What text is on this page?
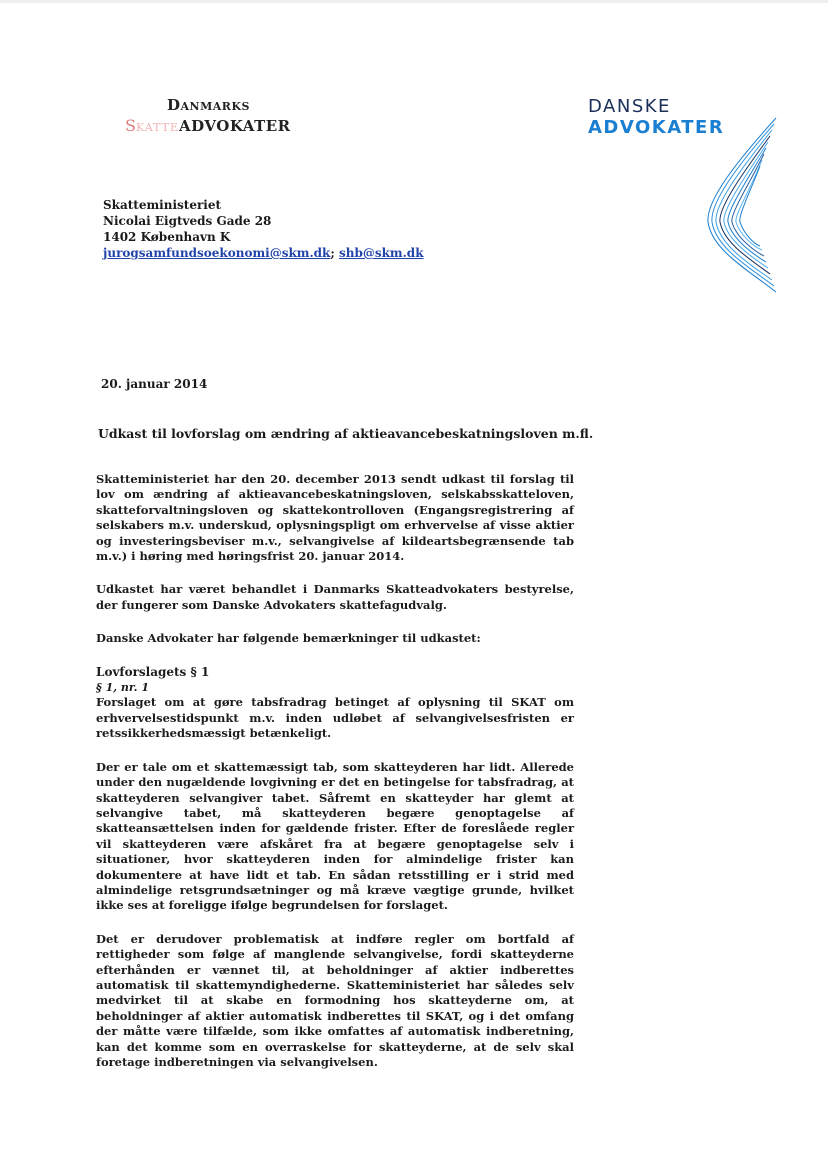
Danmarks
SKATTEADVOKATER
DANSKE
ADVOKATER
Skatteministeriet
Nicolai Eigtveds Gade 28
1402 København K
jurogsamfundsoekonomi@skm.dk; shb@skm.dk
20. januar 2014
Udkast til lovforslag om ændring af aktieavancebeskatningsloven m.fl.

Skatteministeriet har den 20. december 2013 sendt udkast til forslag til lov om ændring af aktieavancebeskatningsloven, selskabsskatteloven, skatteforvaltningsloven og skattekontrolloven (Engangsregistrering af selskabers m.v. underskud, oplysningspligt om erhvervelse af visse aktier og investeringsbeviser m.v., selvangivelse af kildeartsbegrænsende tab m.v.) i høring med høringsfrist 20. januar 2014.

Udkastet har været behandlet i Danmarks Skatteadvokaters bestyrelse, der fungerer som Danske Advokaters skattefagudvalg.

Danske Advokater har følgende bemærkninger til udkastet:

Lovforslagets § 1
§ 1, nr. 1

Forslaget om at gøre tabsfradrag betinget af oplysning til SKAT om erhvervelsestidspunkt m.v. inden udløbet af selvangivelsesfristen er retssikkerhedsmæssigt betænkeligt.

Der er tale om et skattemæssigt tab, som skatteyderen har lidt. Allerede under den nugældende lovgivning er det en betingelse for tabsfradrag, at skatteyderen selvangiver tabet. Såfremt en skatteyder har glemt at selvangive tabet, må skatteyderen begære genoptagelse af skatteansættelsen inden for gældende frister. Efter de foreslåede regler vil skatteyderen være afskåret fra at begære genoptagelse selv i situationer, hvor skatteyderen inden for almindelige frister kan dokumentere at have lidt et tab. En sådan retsstilling er i strid med almindelige retsgrundsætninger og må kræve vægtige grunde, hvilket ikke ses at foreligge ifølge begrundelsen for forslaget.

Det er derudover problematisk at indføre regler om bortfald af rettigheder som følge af manglende selvangivelse, fordi skatteyderne efterhånden er vænnet til, at beholdninger af aktier indberettes automatisk til skattemyndighederne. Skatteministeriet har således selv medvirket til at skabe en formodning hos skatteyderne om, at beholdninger af aktier automatisk indberettes til SKAT, og i det omfang der måtte være tilfælde, som ikke omfattes af automatisk indberetning, kan det komme som en overraskelse for skatteyderne, at de selv skal foretage indberetningen via selvangivelsen.
